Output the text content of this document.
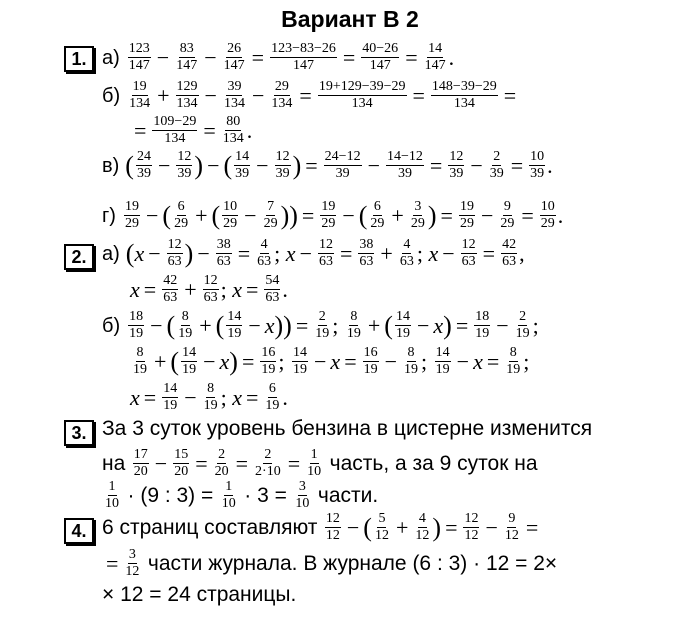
Вариант В 2
1. $а) \frac{123}{147} - \frac{83}{147} - \frac{26}{147} = \frac{123-83-26}{147} = \frac{40-26}{147} = \frac{14}{147}$ .
$б) \frac{19}{134} + \frac{129}{134} - \frac{39}{134} - \frac{29}{134} = \frac{19+129-39-29}{134} = \frac{148-39-29}{134}$ =
= $\frac{109-29}{134} = \frac{80}{134}$ .
в) ( $\frac{24}{39} - \frac{12}{39}$ ) − ( $\frac{14}{39} - \frac{12}{39}$ ) = $\frac{24-12}{39} - \frac{14-12}{39} = \frac{12}{39} - \frac{2}{39} = \frac{10}{39}$ .
$г) \frac{19}{29}$ − ( $\frac{6}{29}$ + ( $\frac{10}{29} - \frac{7}{29}$ )) = $\frac{19}{29}$ − ( $\frac{6}{29} + \frac{3}{29}$ ) = $\frac{19}{29} - \frac{9}{29} = \frac{10}{29}$ .
2. а) ( $x - \frac{12}{63}$ ) − $\frac{38}{63} = \frac{4}{63}$ ; $x - \frac{12}{63} = \frac{38}{63} + \frac{4}{63}$ ; $x - \frac{12}{63} = \frac{42}{63}$ ,
$x = \frac{42}{63} + \frac{12}{63}$ ; $x = \frac{54}{63}$ .
$б) \frac{18}{19}$ − ( $\frac{8}{19}$ + ( $\frac{14}{19} - x$ )) = $\frac{2}{19}$ ; $\frac{8}{19}$ + ( $\frac{14}{19} - x$ ) = $\frac{18}{19} - \frac{2}{19}$ ;
$\frac{8}{19}$ + ( $\frac{14}{19} - x$ ) = $\frac{16}{19}$ ; $\frac{14}{19} - x = \frac{16}{19} - \frac{8}{19}$ ; $\frac{14}{19} - x = \frac{8}{19}$ ;
$x = \frac{14}{19} - \frac{8}{19}$ ; $x = \frac{6}{19}$ .
3. За 3 суток уровень бензина в цистерне изменится
на
$\frac{17}{20} - \frac{15}{20} = \frac{2}{20} = \frac{2}{2\cdot 10} = \frac{1}{10}$
часть, а за 9 суток на
$\frac{1}{10}$
· (9 : 3) =
$\frac{1}{10}$
· 3 =
$\frac{3}{10}$
части.
4. 6 страниц составляют
$\frac{12}{12}$ − ( $\frac{5}{12} + \frac{4}{12}$ ) = $\frac{12}{12} - \frac{9}{12}$ =
= $\frac{3}{12}$
части журнала. В журнале (6 : 3) · 12 = 2×
× 12 = 24 страницы.
